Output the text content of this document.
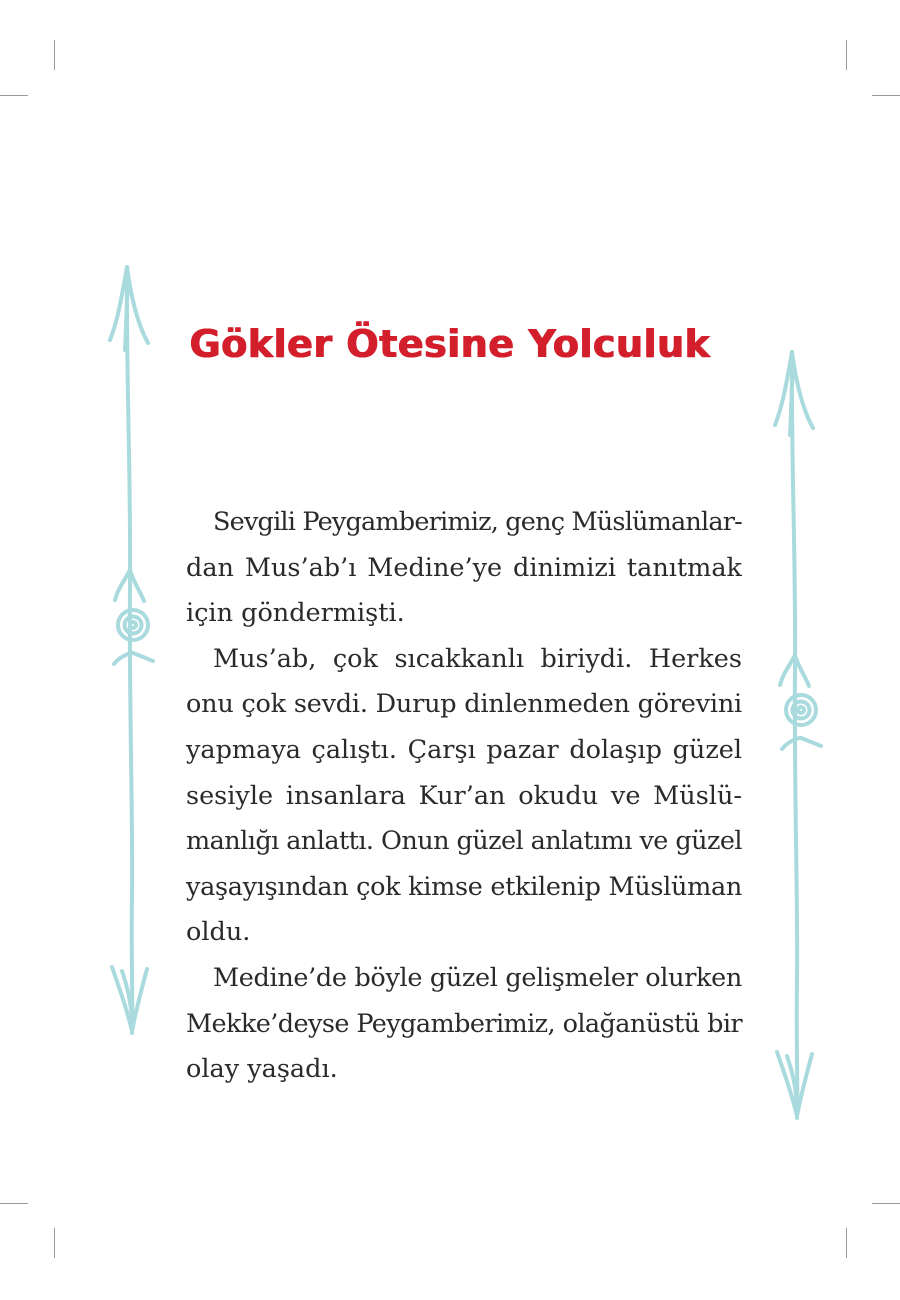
Gökler Ötesine Yolculuk
Sevgili Peygamberimiz, genç Müslümanlar-
dan Mus’ab’ı Medine’ye dinimizi tanıtmak
için göndermişti.
Mus’ab, çok sıcakkanlı biriydi. Herkes
onu çok sevdi. Durup dinlenmeden görevini
yapmaya çalıştı. Çarşı pazar dolaşıp güzel
sesiyle insanlara Kur’an okudu ve Müslü-
manlığı anlattı. Onun güzel anlatımı ve güzel
yaşayışından çok kimse etkilenip Müslüman
oldu.
Medine’de böyle güzel gelişmeler olurken
Mekke’deyse Peygamberimiz, olağanüstü bir
olay yaşadı.
